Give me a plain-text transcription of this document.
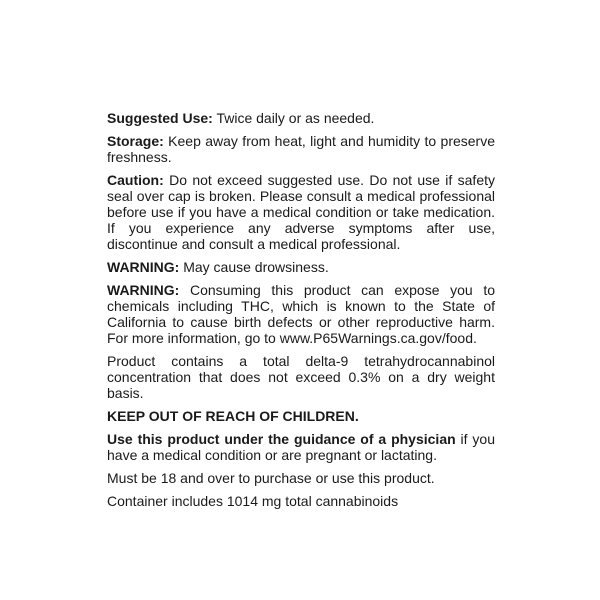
Suggested Use: Twice daily or as needed.

Storage: Keep away from heat, light and humidity to preserve freshness.

Caution: Do not exceed suggested use. Do not use if safety seal over cap is broken. Please consult a medical professional before use if you have a medical condition or take medication. If you experience any adverse symptoms after use, discontinue and consult a medical professional.

WARNING: May cause drowsiness.

WARNING: Consuming this product can expose you to chemicals including THC, which is known to the State of California to cause birth defects or other reproductive harm. For more information, go to www.P65Warnings.ca.gov/food.

Product contains a total delta-9 tetrahydrocannabinol concentration that does not exceed 0.3% on a dry weight basis.

KEEP OUT OF REACH OF CHILDREN.

Use this product under the guidance of a physician if you have a medical condition or are pregnant or lactating.

Must be 18 and over to purchase or use this product.

Container includes 1014 mg total cannabinoids
